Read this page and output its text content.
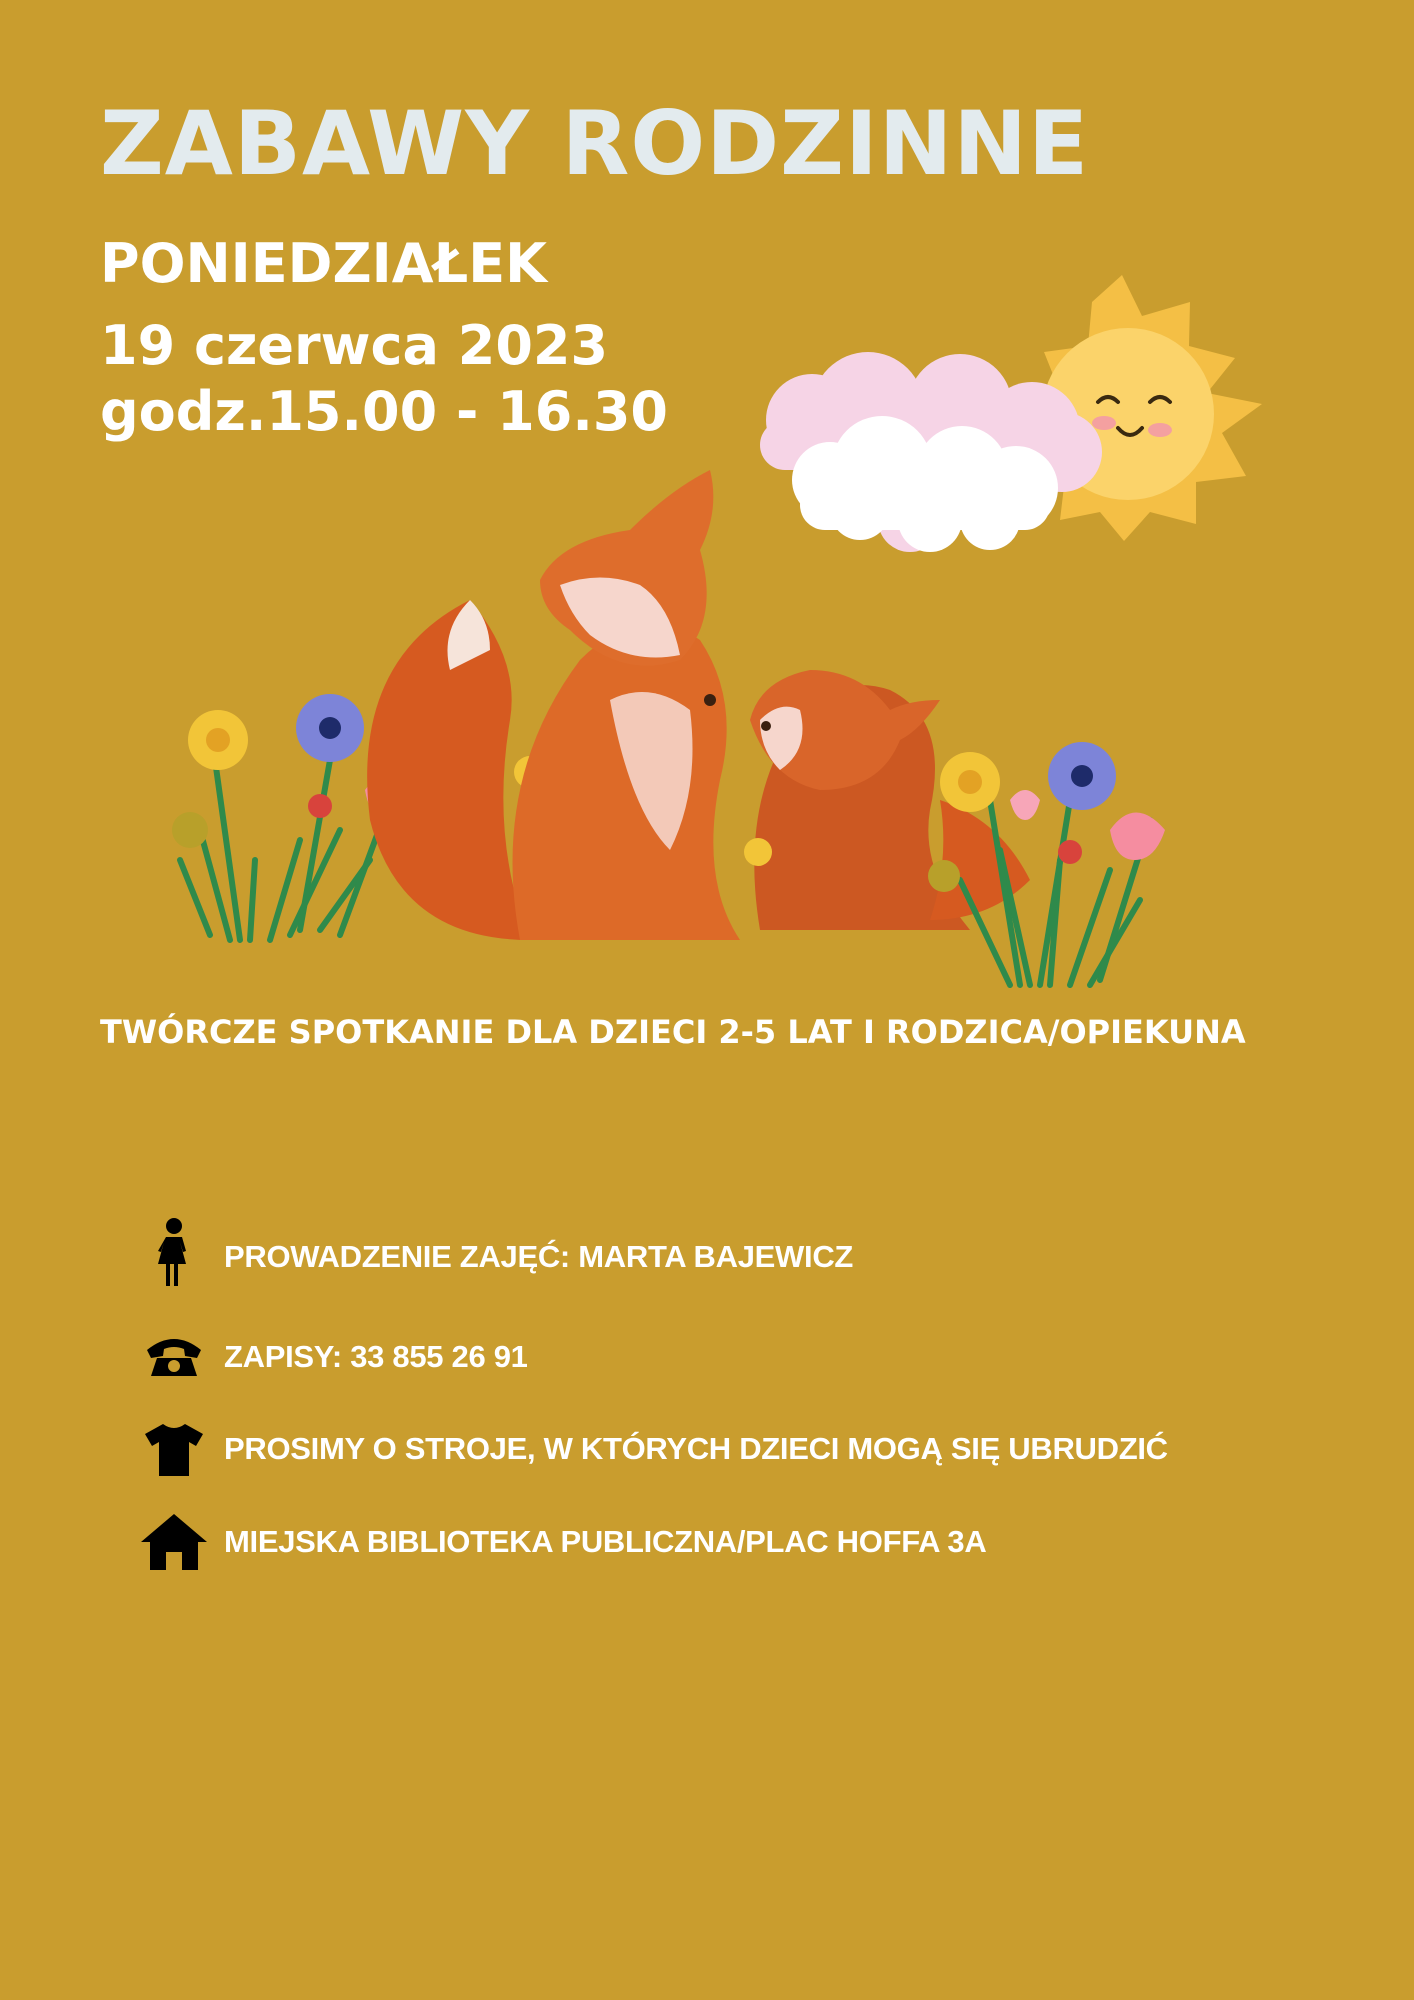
ZABAWY RODZINNE
PONIEDZIAŁEK
19 czerwca 2023
godz.15.00 - 16.30
TWÓRCZE SPOTKANIE DLA DZIECI 2-5 LAT I RODZICA/OPIEKUNA
PROWADZENIE ZAJĘĆ: MARTA BAJEWICZ
ZAPISY: 33 855 26 91
PROSIMY O STROJE, W KTÓRYCH DZIECI MOGĄ SIĘ UBRUDZIĆ
MIEJSKA BIBLIOTEKA PUBLICZNA/PLAC HOFFA 3A
